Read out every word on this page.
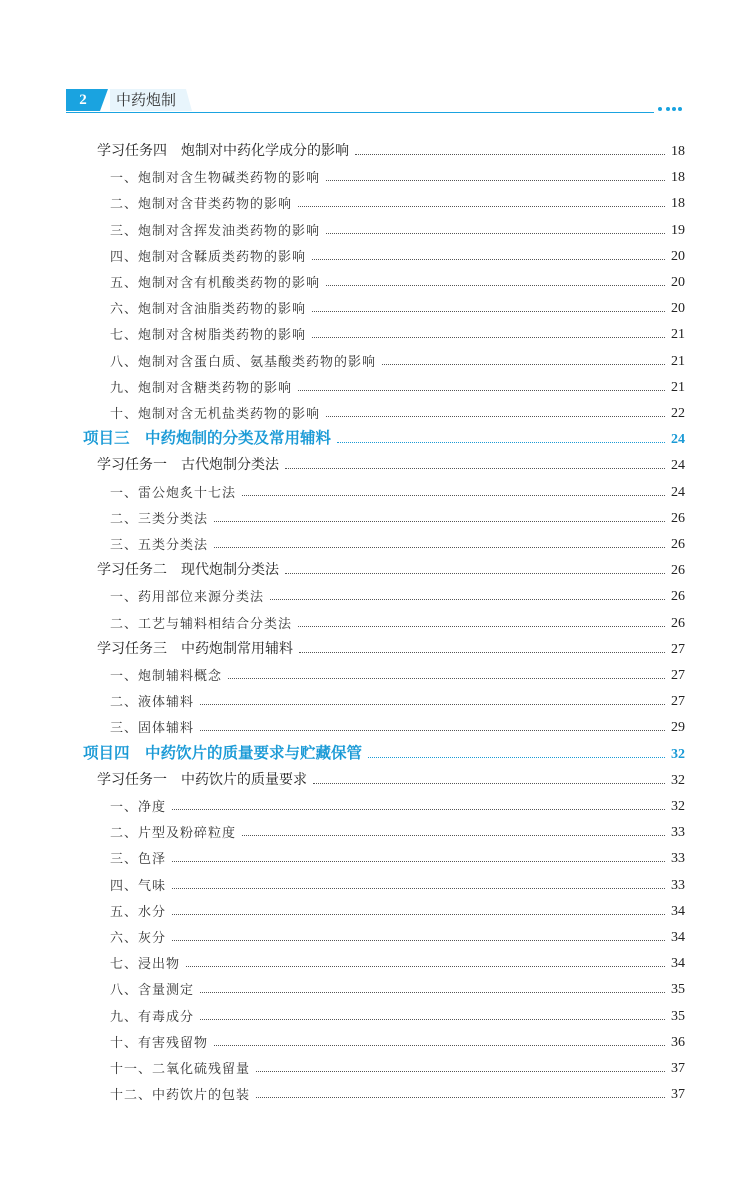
2	中药炮制
学习任务四　炮制对中药化学成分的影响	18
一、炮制对含生物碱类药物的影响	18
二、炮制对含苷类药物的影响	18
三、炮制对含挥发油类药物的影响	19
四、炮制对含鞣质类药物的影响	20
五、炮制对含有机酸类药物的影响	20
六、炮制对含油脂类药物的影响	20
七、炮制对含树脂类药物的影响	21
八、炮制对含蛋白质、氨基酸类药物的影响	21
九、炮制对含糖类药物的影响	21
十、炮制对含无机盐类药物的影响	22
项目三　中药炮制的分类及常用辅料	24
学习任务一　古代炮制分类法	24
一、雷公炮炙十七法	24
二、三类分类法	26
三、五类分类法	26
学习任务二　现代炮制分类法	26
一、药用部位来源分类法	26
二、工艺与辅料相结合分类法	26
学习任务三　中药炮制常用辅料	27
一、炮制辅料概念	27
二、液体辅料	27
三、固体辅料	29
项目四　中药饮片的质量要求与贮藏保管	32
学习任务一　中药饮片的质量要求	32
一、净度	32
二、片型及粉碎粒度	33
三、色泽	33
四、气味	33
五、水分	34
六、灰分	34
七、浸出物	34
八、含量测定	35
九、有毒成分	35
十、有害残留物	36
十一、二氧化硫残留量	37
十二、中药饮片的包装	37
